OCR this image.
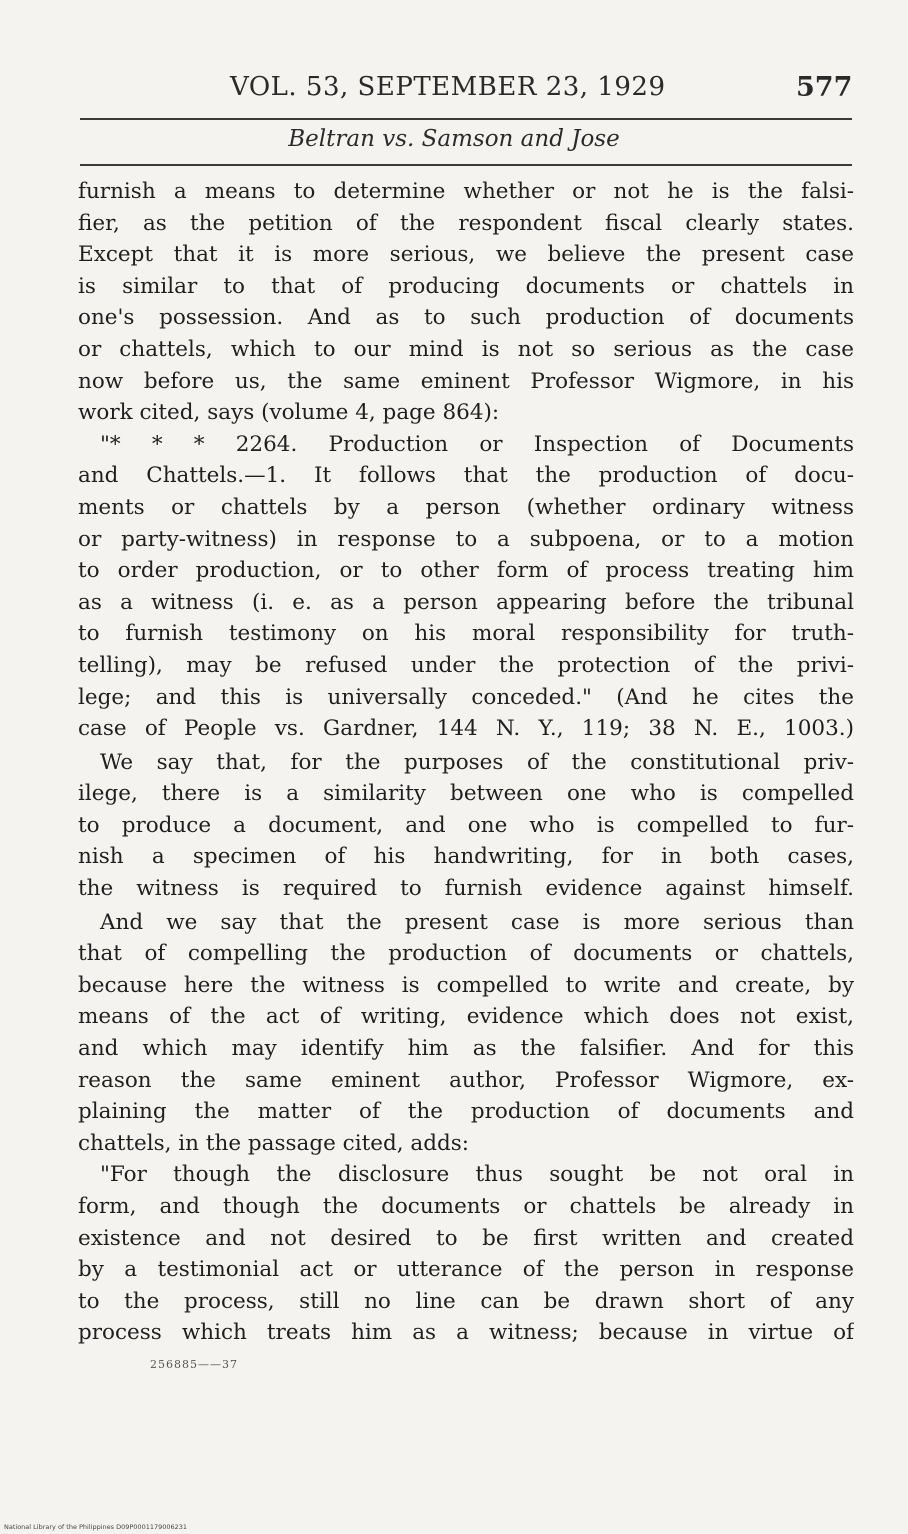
VOL. 53, SEPTEMBER 23, 1929	577
Beltran vs. Samson and Jose
furnish a means to determine whether or not he is the falsi-
fier, as the petition of the respondent fiscal clearly states.
Except that it is more serious, we believe the present case
is similar to that of producing documents or chattels in
one's possession. And as to such production of documents
or chattels, which to our mind is not so serious as the case
now before us, the same eminent Professor Wigmore, in his
work cited, says (volume 4, page 864):
"* * * 2264. Production or Inspection of Documents
and Chattels.—1. It follows that the production of docu-
ments or chattels by a person (whether ordinary witness
or party-witness) in response to a subpoena, or to a motion
to order production, or to other form of process treating him
as a witness (i. e. as a person appearing before the tribunal
to furnish testimony on his moral responsibility for truth-
telling), may be refused under the protection of the privi-
lege; and this is universally conceded." (And he cites the
case of People vs. Gardner, 144 N. Y., 119; 38 N. E., 1003.)
We say that, for the purposes of the constitutional priv-
ilege, there is a similarity between one who is compelled
to produce a document, and one who is compelled to fur-
nish a specimen of his handwriting, for in both cases,
the witness is required to furnish evidence against himself.
And we say that the present case is more serious than
that of compelling the production of documents or chattels,
because here the witness is compelled to write and create, by
means of the act of writing, evidence which does not exist,
and which may identify him as the falsifier. And for this
reason the same eminent author, Professor Wigmore, ex-
plaining the matter of the production of documents and
chattels, in the passage cited, adds:
"For though the disclosure thus sought be not oral in
form, and though the documents or chattels be already in
existence and not desired to be first written and created
by a testimonial act or utterance of the person in response
to the process, still no line can be drawn short of any
process which treats him as a witness; because in virtue of
256885——37
National Library of the Philippines D09P0001179006231
